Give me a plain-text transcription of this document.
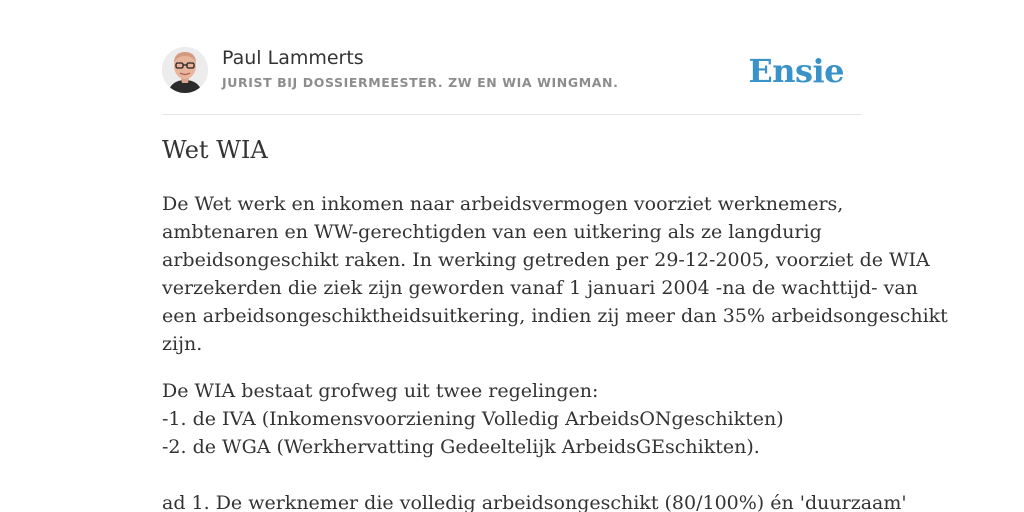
Paul Lammerts
JURIST BIJ DOSSIERMEESTER. ZW EN WIA WINGMAN.	Ensie
Wet WIA

De Wet werk en inkomen naar arbeidsvermogen voorziet werknemers,
ambtenaren en WW-gerechtigden van een uitkering als ze langdurig
arbeidsongeschikt raken. In werking getreden per 29-12-2005, voorziet de WIA
verzekerden die ziek zijn geworden vanaf 1 januari 2004 -na de wachttijd- van
een arbeidsongeschiktheidsuitkering, indien zij meer dan 35% arbeidsongeschikt
zijn.

De WIA bestaat grofweg uit twee regelingen:
-1. de IVA (Inkomensvoorziening Volledig ArbeidsONgeschikten)
-2. de WGA (Werkhervatting Gedeeltelijk ArbeidsGEschikten).

ad 1. De werknemer die volledig arbeidsongeschikt (80/100%) én 'duurzaam'
